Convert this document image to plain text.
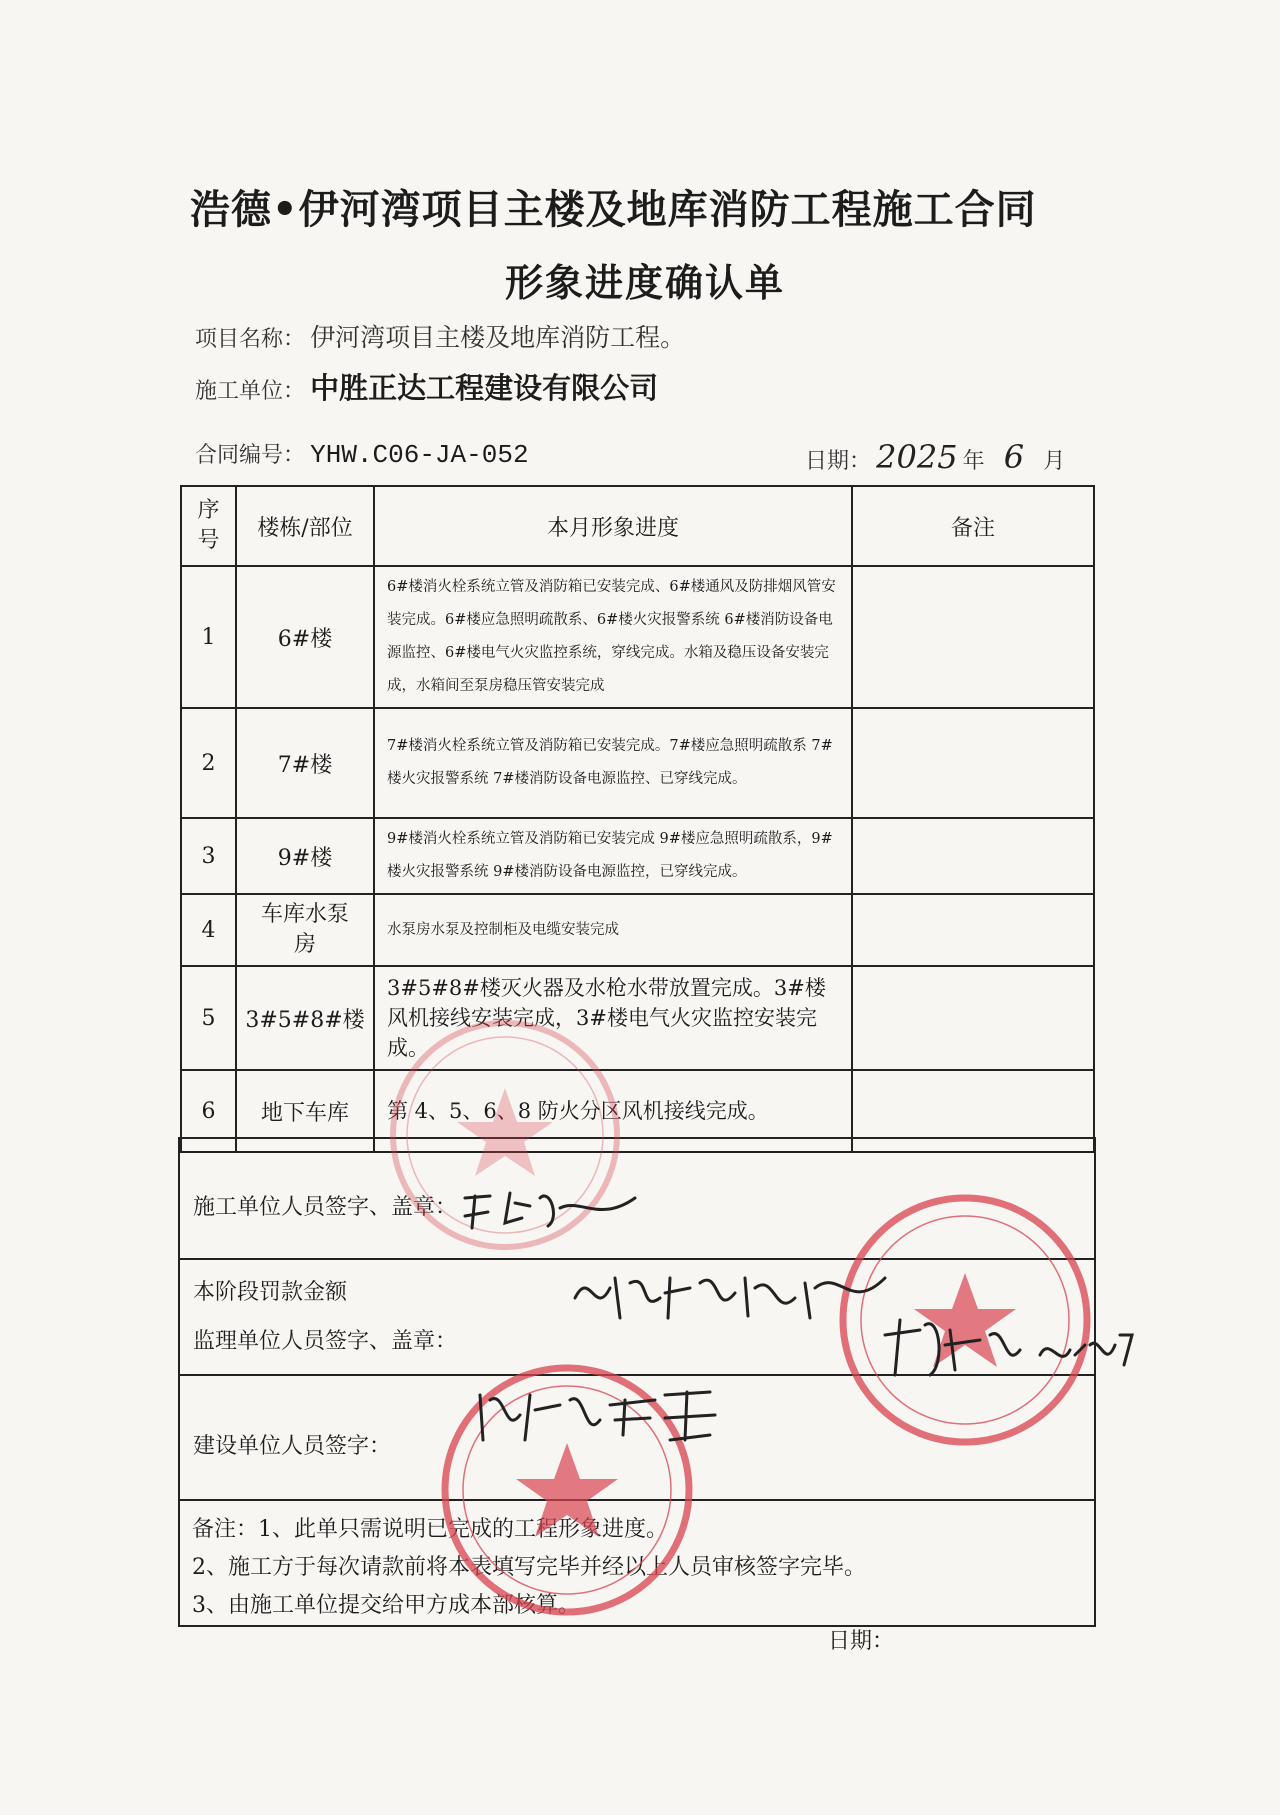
浩德•伊河湾项目主楼及地库消防工程施工合同
形象进度确认单
项目名称： 伊河湾项目主楼及地库消防工程。
施工单位： 中胜正达工程建设有限公司
合同编号： YHW.C06-JA-052	日期： 2025 年 6 月
序号	楼栋/部位	本月形象进度	备注
1	6#楼	6#楼消火栓系统立管及消防箱已安装完成、6#楼通风及防排烟风管安装完成。6#楼应急照明疏散系、6#楼火灾报警系统 6#楼消防设备电源监控、6#楼电气火灾监控系统，穿线完成。水箱及稳压设备安装完成，水箱间至泵房稳压管安装完成	
2	7#楼	7#楼消火栓系统立管及消防箱已安装完成。7#楼应急照明疏散系 7#楼火灾报警系统 7#楼消防设备电源监控、已穿线完成。	
3	9#楼	9#楼消火栓系统立管及消防箱已安装完成 9#楼应急照明疏散系，9#楼火灾报警系统 9#楼消防设备电源监控，已穿线完成。	
4	车库水泵房	水泵房水泵及控制柜及电缆安装完成	
5	3#5#8#楼	3#5#8#楼灭火器及水枪水带放置完成。3#楼风机接线安装完成，3#楼电气火灾监控安装完成。	
6	地下车库	第 4、5、6、8 防火分区风机接线完成。	
施工单位人员签字、盖章：

本阶段罚款金额
监理单位人员签字、盖章：

建设单位人员签字：

备注：1、此单只需说明已完成的工程形象进度。
2、施工方于每次请款前将本表填写完毕并经以上人员审核签字完毕。
3、由施工单位提交给甲方成本部核算。
日期：
